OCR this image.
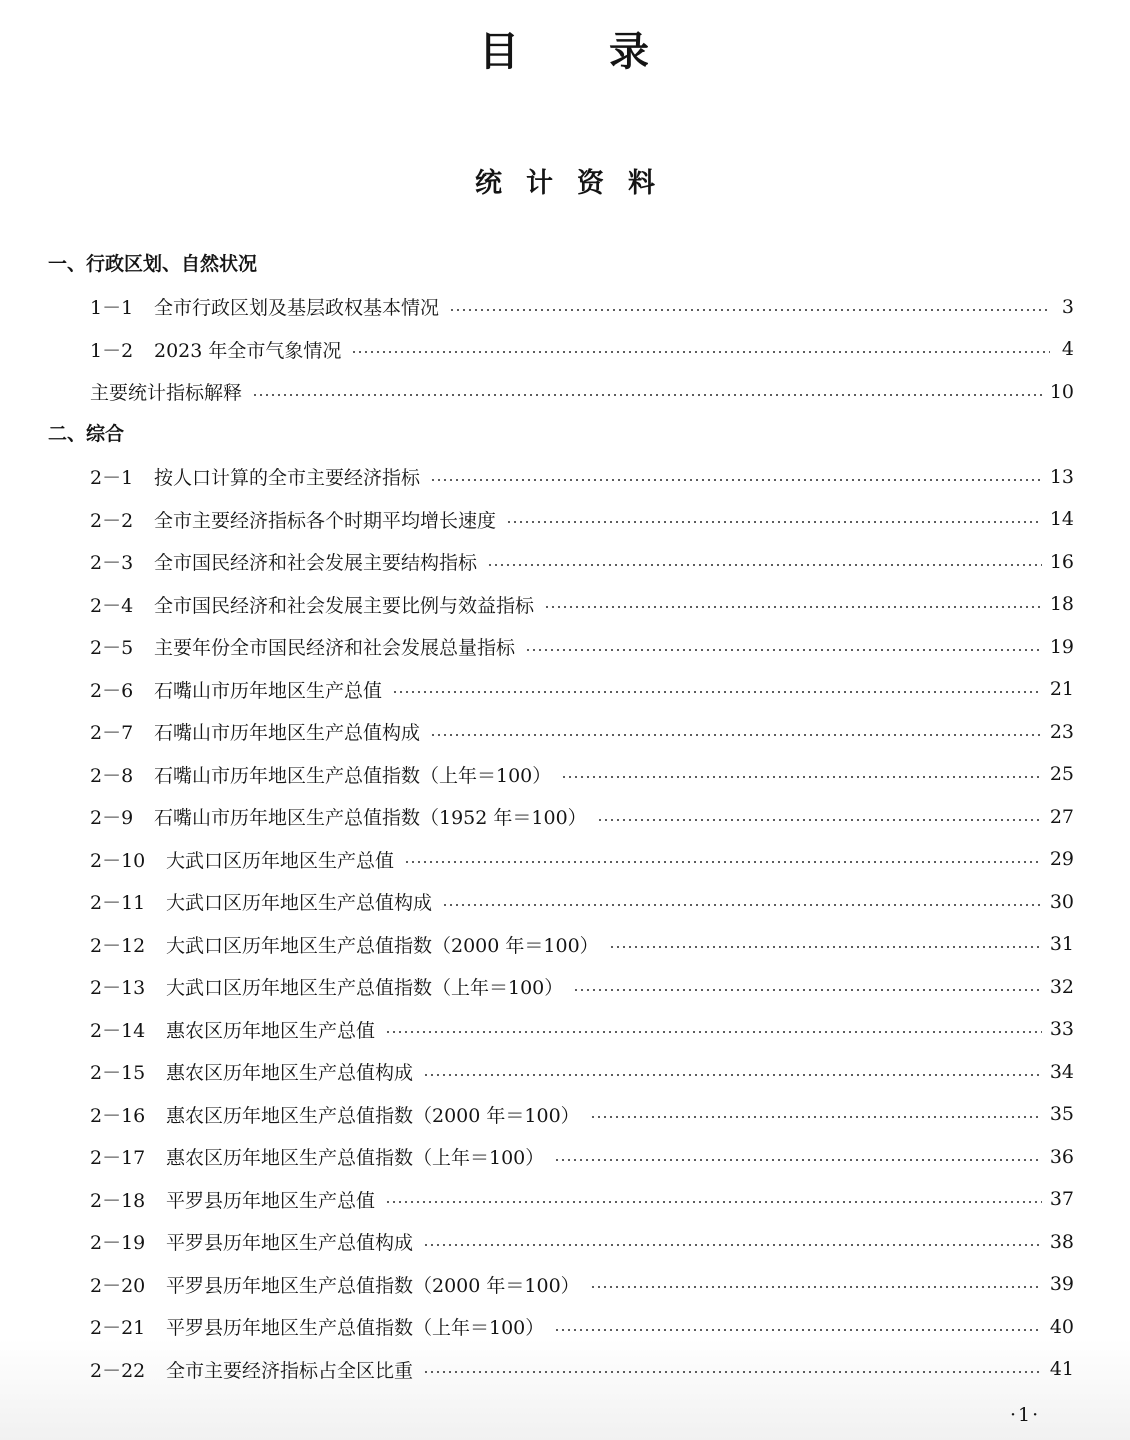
目 录
统 计 资 料
一、行政区划、自然状况
1－1	全市行政区划及基层政权基本情况	3
1－2	2023 年全市气象情况	4
主要统计指标解释	10
二、综合
2－1	按人口计算的全市主要经济指标	13
2－2	全市主要经济指标各个时期平均增长速度	14
2－3	全市国民经济和社会发展主要结构指标	16
2－4	全市国民经济和社会发展主要比例与效益指标	18
2－5	主要年份全市国民经济和社会发展总量指标	19
2－6	石嘴山市历年地区生产总值	21
2－7	石嘴山市历年地区生产总值构成	23
2－8	石嘴山市历年地区生产总值指数（上年＝100）	25
2－9	石嘴山市历年地区生产总值指数（1952 年＝100）	27
2－10	大武口区历年地区生产总值	29
2－11	大武口区历年地区生产总值构成	30
2－12	大武口区历年地区生产总值指数（2000 年＝100）	31
2－13	大武口区历年地区生产总值指数（上年＝100）	32
2－14	惠农区历年地区生产总值	33
2－15	惠农区历年地区生产总值构成	34
2－16	惠农区历年地区生产总值指数（2000 年＝100）	35
2－17	惠农区历年地区生产总值指数（上年＝100）	36
2－18	平罗县历年地区生产总值	37
2－19	平罗县历年地区生产总值构成	38
2－20	平罗县历年地区生产总值指数（2000 年＝100）	39
2－21	平罗县历年地区生产总值指数（上年＝100）	40
2－22	全市主要经济指标占全区比重	41
·1·
